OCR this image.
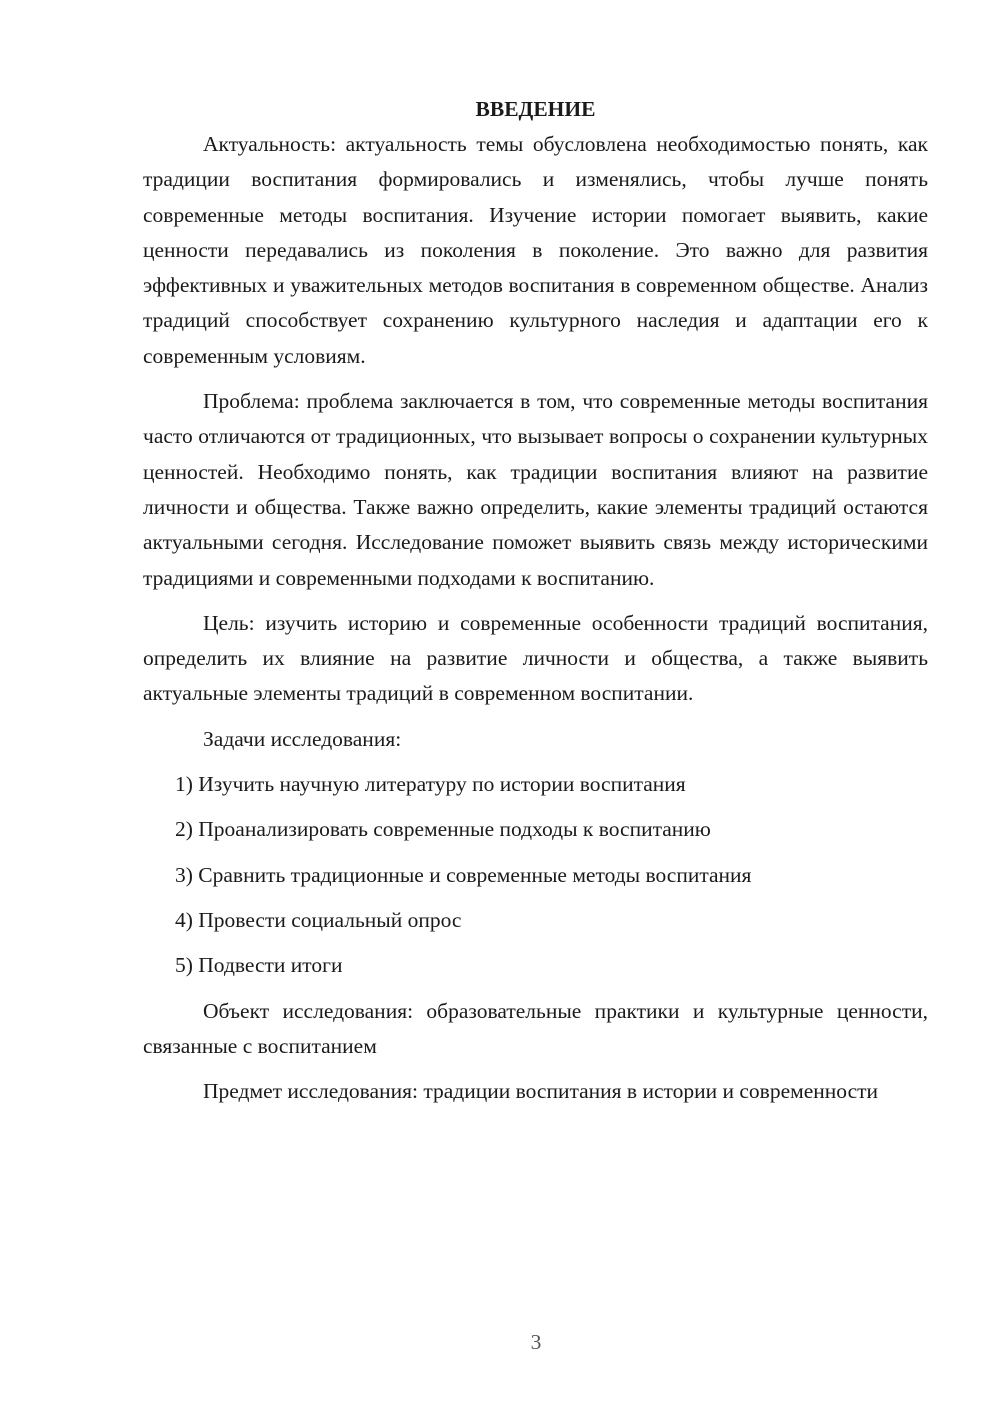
ВВЕДЕНИЕ

Актуальность: актуальность темы обусловлена необходимостью понять, как традиции воспитания формировались и изменялись, чтобы лучше понять современные методы воспитания. Изучение истории помогает выявить, какие ценности передавались из поколения в поколение. Это важно для развития эффективных и уважительных методов воспитания в современном обществе. Анализ традиций способствует сохранению культурного наследия и адаптации его к современным условиям.

Проблема: проблема заключается в том, что современные методы воспитания часто отличаются от традиционных, что вызывает вопросы о сохранении культурных ценностей. Необходимо понять, как традиции воспитания влияют на развитие личности и общества. Также важно определить, какие элементы традиций остаются актуальными сегодня. Исследование поможет выявить связь между историческими традициями и современными подходами к воспитанию.

Цель: изучить историю и современные особенности традиций воспитания, определить их влияние на развитие личности и общества, а также выявить актуальные элементы традиций в современном воспитании.

Задачи исследования:

1) Изучить научную литературу по истории воспитания
2) Проанализировать современные подходы к воспитанию
3) Сравнить традиционные и современные методы воспитания
4) Провести социальный опрос
5) Подвести итоги

Объект исследования: образовательные практики и культурные ценности, связанные с воспитанием

Предмет исследования: традиции воспитания в истории и современности

3
